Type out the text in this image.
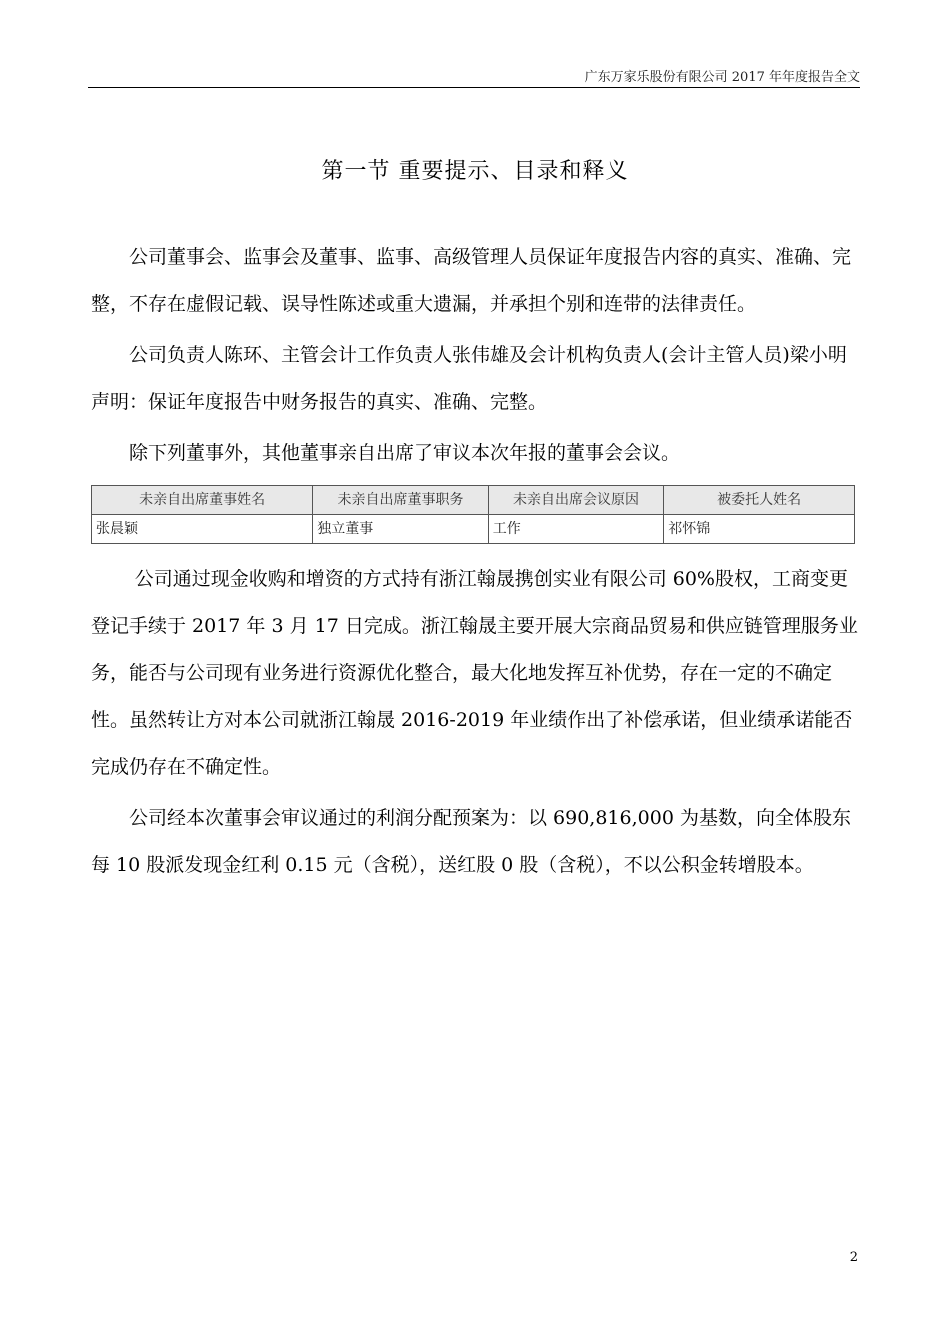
广东万家乐股份有限公司 2017 年年度报告全文
第一节 重要提示、目录和释义

公司董事会、监事会及董事、监事、高级管理人员保证年度报告内容的真实、准确、完整，不存在虚假记载、误导性陈述或重大遗漏，并承担个别和连带的法律责任。

公司负责人陈环、主管会计工作负责人张伟雄及会计机构负责人(会计主管人员)梁小明声明：保证年度报告中财务报告的真实、准确、完整。

除下列董事外，其他董事亲自出席了审议本次年报的董事会会议。

未亲自出席董事姓名	未亲自出席董事职务	未亲自出席会议原因	被委托人姓名
张晨颖	独立董事	工作	祁怀锦

公司通过现金收购和增资的方式持有浙江翰晟携创实业有限公司 60%股权，工商变更登记手续于 2017 年 3 月 17 日完成。浙江翰晟主要开展大宗商品贸易和供应链管理服务业务，能否与公司现有业务进行资源优化整合，最大化地发挥互补优势，存在一定的不确定性。虽然转让方对本公司就浙江翰晟 2016-2019 年业绩作出了补偿承诺，但业绩承诺能否完成仍存在不确定性。

公司经本次董事会审议通过的利润分配预案为：以 690,816,000 为基数，向全体股东每 10 股派发现金红利 0.15 元（含税），送红股 0 股（含税），不以公积金转增股本。

2
